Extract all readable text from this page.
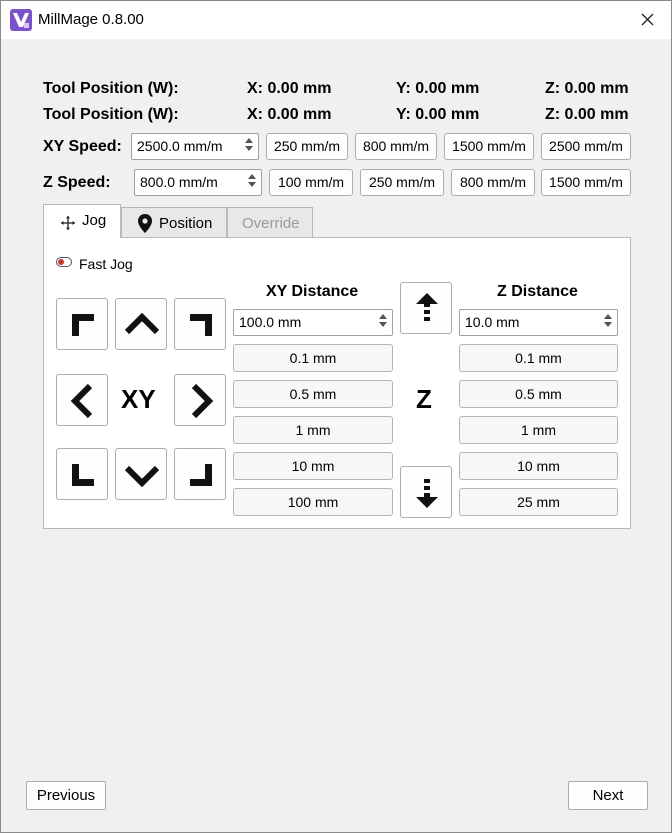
MillMage 0.8.00
Tool Position (W):	X: 0.00 mm	Y: 0.00 mm	Z: 0.00 mm
Tool Position (W):	X: 0.00 mm	Y: 0.00 mm	Z: 0.00 mm
XY Speed: 2500.0 mm/m	250 mm/m	800 mm/m	1500 mm/m	2500 mm/m
Z Speed: 800.0 mm/m	100 mm/m	250 mm/m	800 mm/m	1500 mm/m
Jog	Position Override
Fast Jog
XY
XY Distance
100.0 mm
0.1 mm
0.5 mm
1 mm
10 mm
100 mm
Z
Z Distance
10.0 mm
0.1 mm
0.5 mm
1 mm
10 mm
25 mm
Previous	Next
